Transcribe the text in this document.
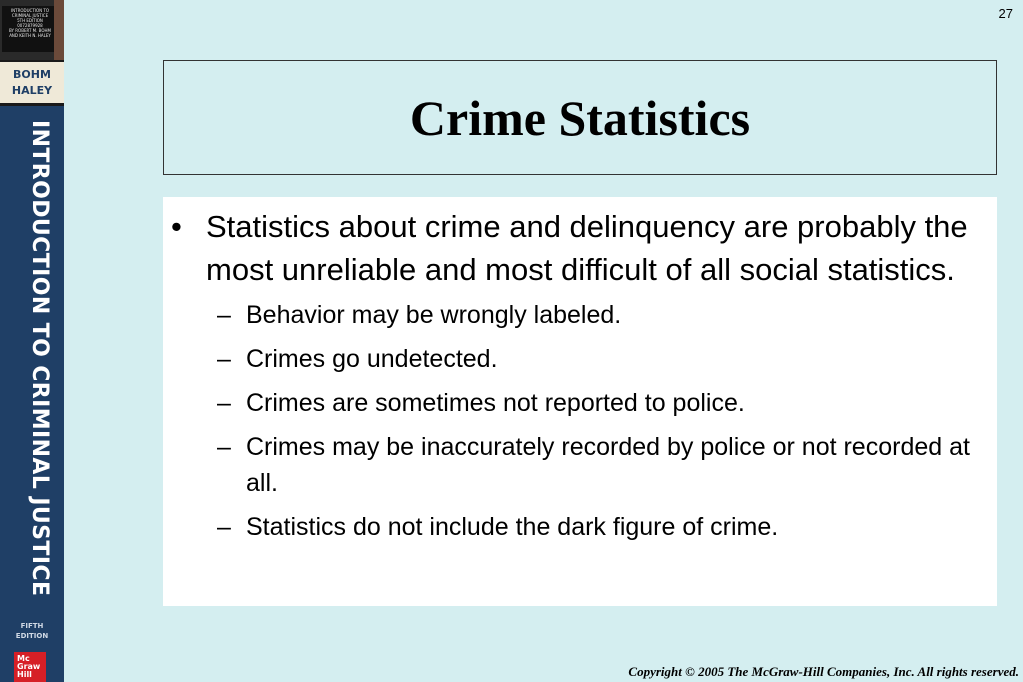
INTRODUCTION TO
CRIMINAL JUSTICE
5TH EDITION
0072879928
BY ROBERT M. BOHM
AND KEITH N. HALEY
BOHM
HALEY
INTRODUCTION TO CRIMINAL JUSTICE
FIFTH
EDITION
Mc
Graw
Hill
27
Crime Statistics
• Statistics about crime and delinquency are probably the most unreliable and most difficult of all social statistics.
– Behavior may be wrongly labeled.
– Crimes go undetected.
– Crimes are sometimes not reported to police.
– Crimes may be inaccurately recorded by police or not recorded at all.
– Statistics do not include the dark figure of crime.
Copyright © 2005 The McGraw-Hill Companies, Inc. All rights reserved.
